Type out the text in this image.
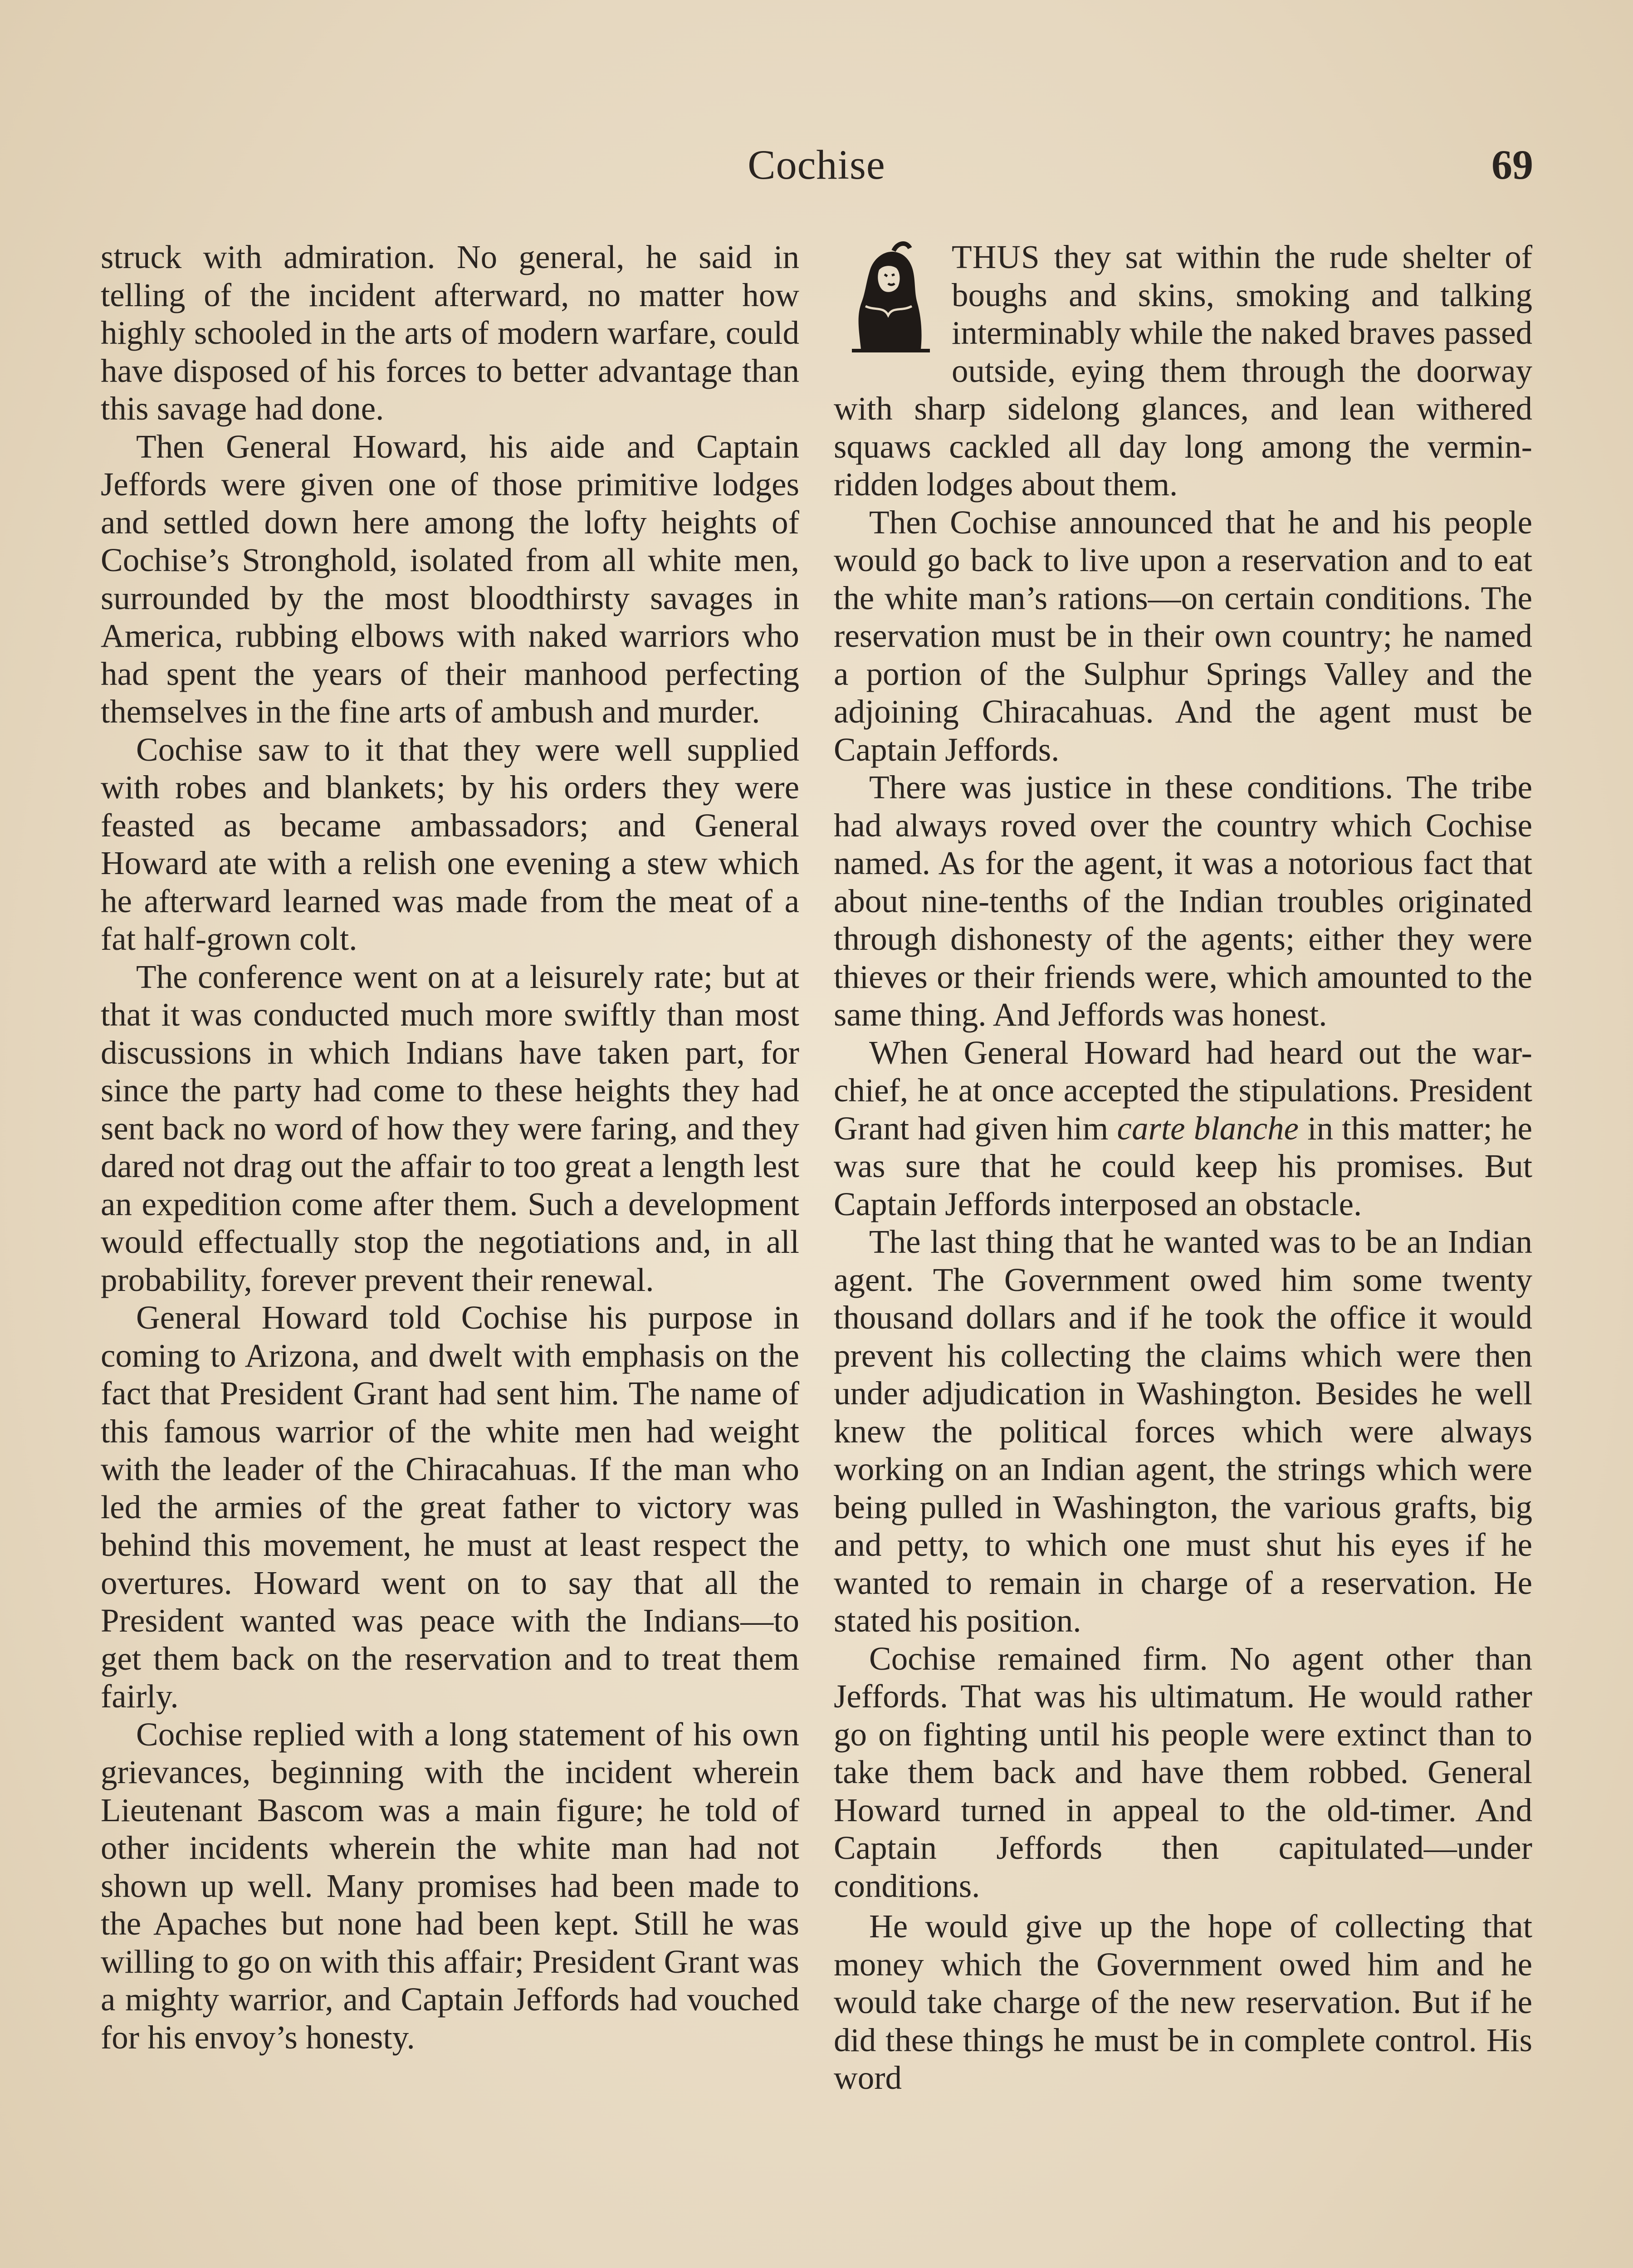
Cochise	69

struck with admiration. No general, he said in telling of the incident afterward, no matter how highly schooled in the arts of modern warfare, could have disposed of his forces to better advantage than this savage had done.

Then General Howard, his aide and Captain Jeffords were given one of those primitive lodges and settled down here among the lofty heights of Cochise’s Stronghold, isolated from all white men, surrounded by the most bloodthirsty savages in America, rubbing elbows with naked warriors who had spent the years of their manhood perfecting themselves in the fine arts of ambush and murder.

Cochise saw to it that they were well supplied with robes and blankets; by his orders they were feasted as became ambassadors; and General Howard ate with a relish one evening a stew which he afterward learned was made from the meat of a fat half-grown colt.

The conference went on at a leisurely rate; but at that it was conducted much more swiftly than most discussions in which Indians have taken part, for since the party had come to these heights they had sent back no word of how they were faring, and they dared not drag out the affair to too great a length lest an expedition come after them. Such a development would effectually stop the negotiations and, in all probability, forever prevent their renewal.

General Howard told Cochise his purpose in coming to Arizona, and dwelt with emphasis on the fact that President Grant had sent him. The name of this famous warrior of the white men had weight with the leader of the Chiracahuas. If the man who led the armies of the great father to victory was behind this movement, he must at least respect the overtures. Howard went on to say that all the President wanted was peace with the Indians—to get them back on the reservation and to treat them fairly.

Cochise replied with a long statement of his own grievances, beginning with the incident wherein Lieutenant Bascom was a main figure; he told of other incidents wherein the white man had not shown up well. Many promises had been made to the Apaches but none had been kept. Still he was willing to go on with this affair; President Grant was a mighty warrior, and Captain Jeffords had vouched for his envoy’s honesty.

THUS they sat within the rude shelter of boughs and skins, smoking and talking interminably while the naked braves passed outside, eying them through the doorway with sharp sidelong glances, and lean withered squaws cackled all day long among the vermin-ridden lodges about them.

Then Cochise announced that he and his people would go back to live upon a reservation and to eat the white man’s rations—on certain conditions. The reservation must be in their own country; he named a portion of the Sulphur Springs Valley and the adjoining Chiracahuas. And the agent must be Captain Jeffords.

There was justice in these conditions. The tribe had always roved over the country which Cochise named. As for the agent, it was a notorious fact that about nine-tenths of the Indian troubles originated through dishonesty of the agents; either they were thieves or their friends were, which amounted to the same thing. And Jeffords was honest.

When General Howard had heard out the war-chief, he at once accepted the stipulations. President Grant had given him carte blanche in this matter; he was sure that he could keep his promises. But Captain Jeffords interposed an obstacle.

The last thing that he wanted was to be an Indian agent. The Government owed him some twenty thousand dollars and if he took the office it would prevent his collecting the claims which were then under adjudication in Washington. Besides he well knew the political forces which were always working on an Indian agent, the strings which were being pulled in Washington, the various grafts, big and petty, to which one must shut his eyes if he wanted to remain in charge of a reservation. He stated his position.

Cochise remained firm. No agent other than Jeffords. That was his ultimatum. He would rather go on fighting until his people were extinct than to take them back and have them robbed. General Howard turned in appeal to the old-timer. And Captain Jeffords then capitulated—under conditions.

He would give up the hope of collecting that money which the Government owed him and he would take charge of the new reservation. But if he did these things he must be in complete control. His word
